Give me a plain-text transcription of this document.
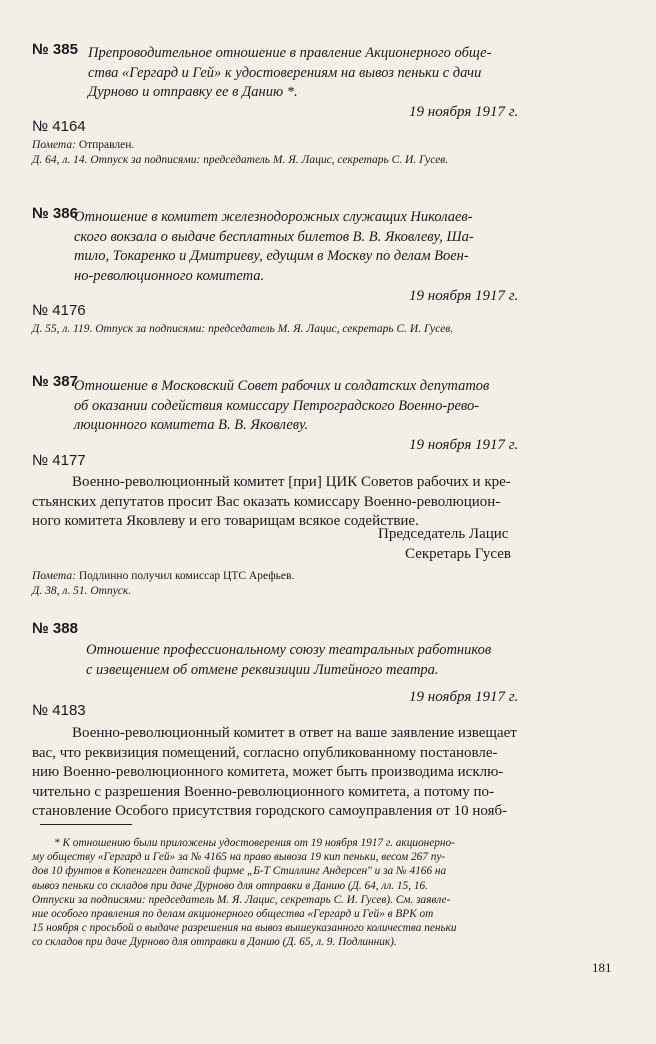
№ 385 Препроводительное отношение в правление Акционерного обще-
ства «Гергард и Гей» к удостоверениям на вывоз пеньки с дачи
Дурново и отправку ее в Данию *.
19 ноября 1917 г.
№ 4164
Помета: Отправлен.
Д. 64, л. 14. Отпуск за подписями: председатель М. Я. Лацис, секретарь С. И. Гусев.
№ 386
Отношение в комитет железнодорожных служащих Николаев-
ского вокзала о выдаче бесплатных билетов В. В. Яковлеву, Ша-
тило, Токаренко и Дмитриеву, едущим в Москву по делам Воен-
но-революционного комитета.
19 ноября 1917 г.
№ 4176
Д. 55, л. 119. Отпуск за подписями: председатель М. Я. Лацис, секретарь С. И. Гусев.
№ 387
Отношение в Московский Совет рабочих и солдатских депутатов
об оказании содействия комиссару Петроградского Военно-рево-
люционного комитета В. В. Яковлеву.
19 ноября 1917 г.
№ 4177
Военно-революционный комитет [при] ЦИК Советов рабочих и кре-
стьянских депутатов просит Вас оказать комиссару Военно-революцион-
ного комитета Яковлеву и его товарищам всякое содействие.
Председатель Лацис
Секретарь Гусев
Помета: Подлинно получил комиссар ЦТС Арефьев.
Д. 38, л. 51. Отпуск.
№ 388
Отношение профессиональному союзу театральных работников
с извещением об отмене реквизиции Литейного театра.
19 ноября 1917 г.
№ 4183
Военно-революционный комитет в ответ на ваше заявление извещает
вас, что реквизиция помещений, согласно опубликованному постановле-
нию Военно-революционного комитета, может быть производима исклю-
чительно с разрешения Военно-революционного комитета, а потому по-
становление Особого присутствия городского самоуправления от 10 нояб-
* К отношению были приложены удостоверения от 19 ноября 1917 г. акционерно-
му обществу «Гергард и Гей» за № 4165 на право вывоза 19 кип пеньки, весом 267 пу-
дов 10 фунтов в Копенгаген датской фирме „Б-Т Стиллинг Андерсен" и за № 4166 на
вывоз пеньки со складов при даче Дурново для отправки в Данию (Д. 64, лл. 15, 16.
Отпуски за подписями: председатель М. Я. Лацис, секретарь С. И. Гусев). См. заявле-
ние особого правления по делам акционерного общества «Гергард и Гей» в ВРК от
15 ноября с просьбой о выдаче разрешения на вывоз вышеуказанного количества пеньки
со складов при даче Дурново для отправки в Данию (Д. 65, л. 9. Подлинник).
181
